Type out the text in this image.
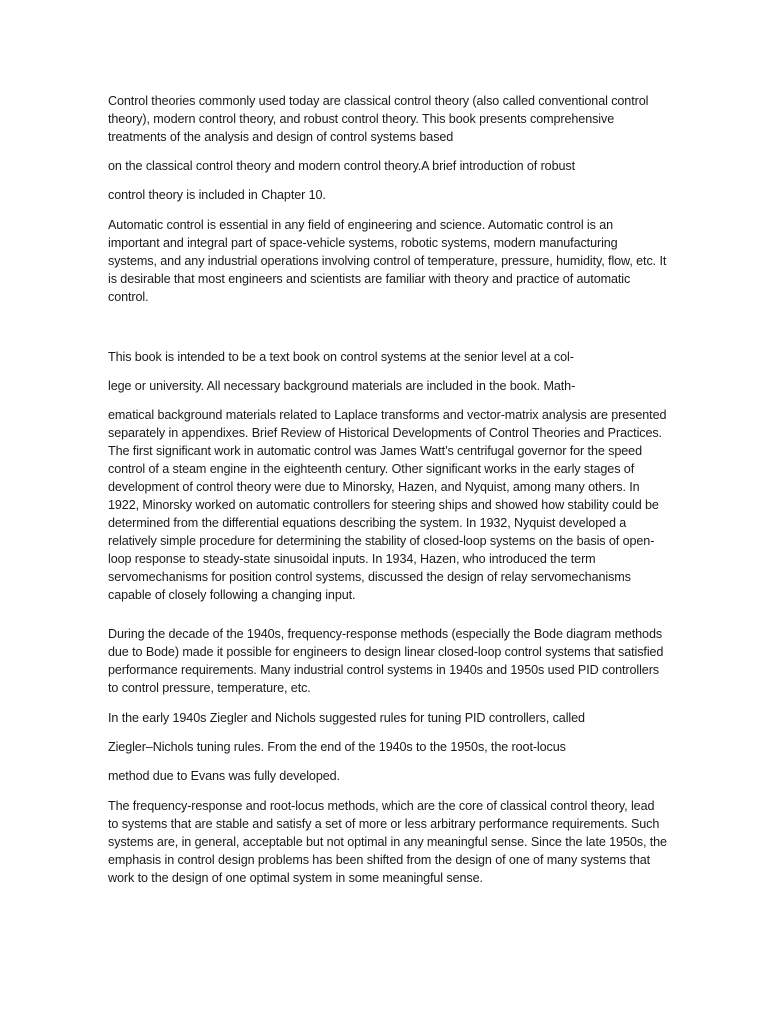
Control theories commonly used today are classical control theory (also called conventional control theory), modern control theory, and robust control theory. This book presents comprehensive treatments of the analysis and design of control systems based

on the classical control theory and modern control theory.A brief introduction of robust

control theory is included in Chapter 10.

Automatic control is essential in any field of engineering and science. Automatic control is an important and integral part of space-vehicle systems, robotic systems, modern manufacturing systems, and any industrial operations involving control of temperature, pressure, humidity, flow, etc. It is desirable that most engineers and scientists are familiar with theory and practice of automatic control.

This book is intended to be a text book on control systems at the senior level at a col-

lege or university. All necessary background materials are included in the book. Math-

ematical background materials related to Laplace transforms and vector-matrix analysis are presented separately in appendixes. Brief Review of Historical Developments of Control Theories and Practices. The first significant work in automatic control was James Watt’s centrifugal governor for the speed control of a steam engine in the eighteenth century. Other significant works in the early stages of development of control theory were due to Minorsky, Hazen, and Nyquist, among many others. In 1922, Minorsky worked on automatic controllers for steering ships and showed how stability could be determined from the differential equations describing the system. In 1932, Nyquist developed a relatively simple procedure for determining the stability of closed-loop systems on the basis of open-loop response to steady-state sinusoidal inputs. In 1934, Hazen, who introduced the term servomechanisms for position control systems, discussed the design of relay servomechanisms capable of closely following a changing input.

During the decade of the 1940s, frequency-response methods (especially the Bode diagram methods due to Bode) made it possible for engineers to design linear closed-loop control systems that satisfied performance requirements. Many industrial control systems in 1940s and 1950s used PID controllers to control pressure, temperature, etc.

In the early 1940s Ziegler and Nichols suggested rules for tuning PID controllers, called

Ziegler–Nichols tuning rules. From the end of the 1940s to the 1950s, the root-locus

method due to Evans was fully developed.

The frequency-response and root-locus methods, which are the core of classical control theory, lead to systems that are stable and satisfy a set of more or less arbitrary performance requirements. Such systems are, in general, acceptable but not optimal in any meaningful sense. Since the late 1950s, the emphasis in control design problems has been shifted from the design of one of many systems that work to the design of one optimal system in some meaningful sense.
